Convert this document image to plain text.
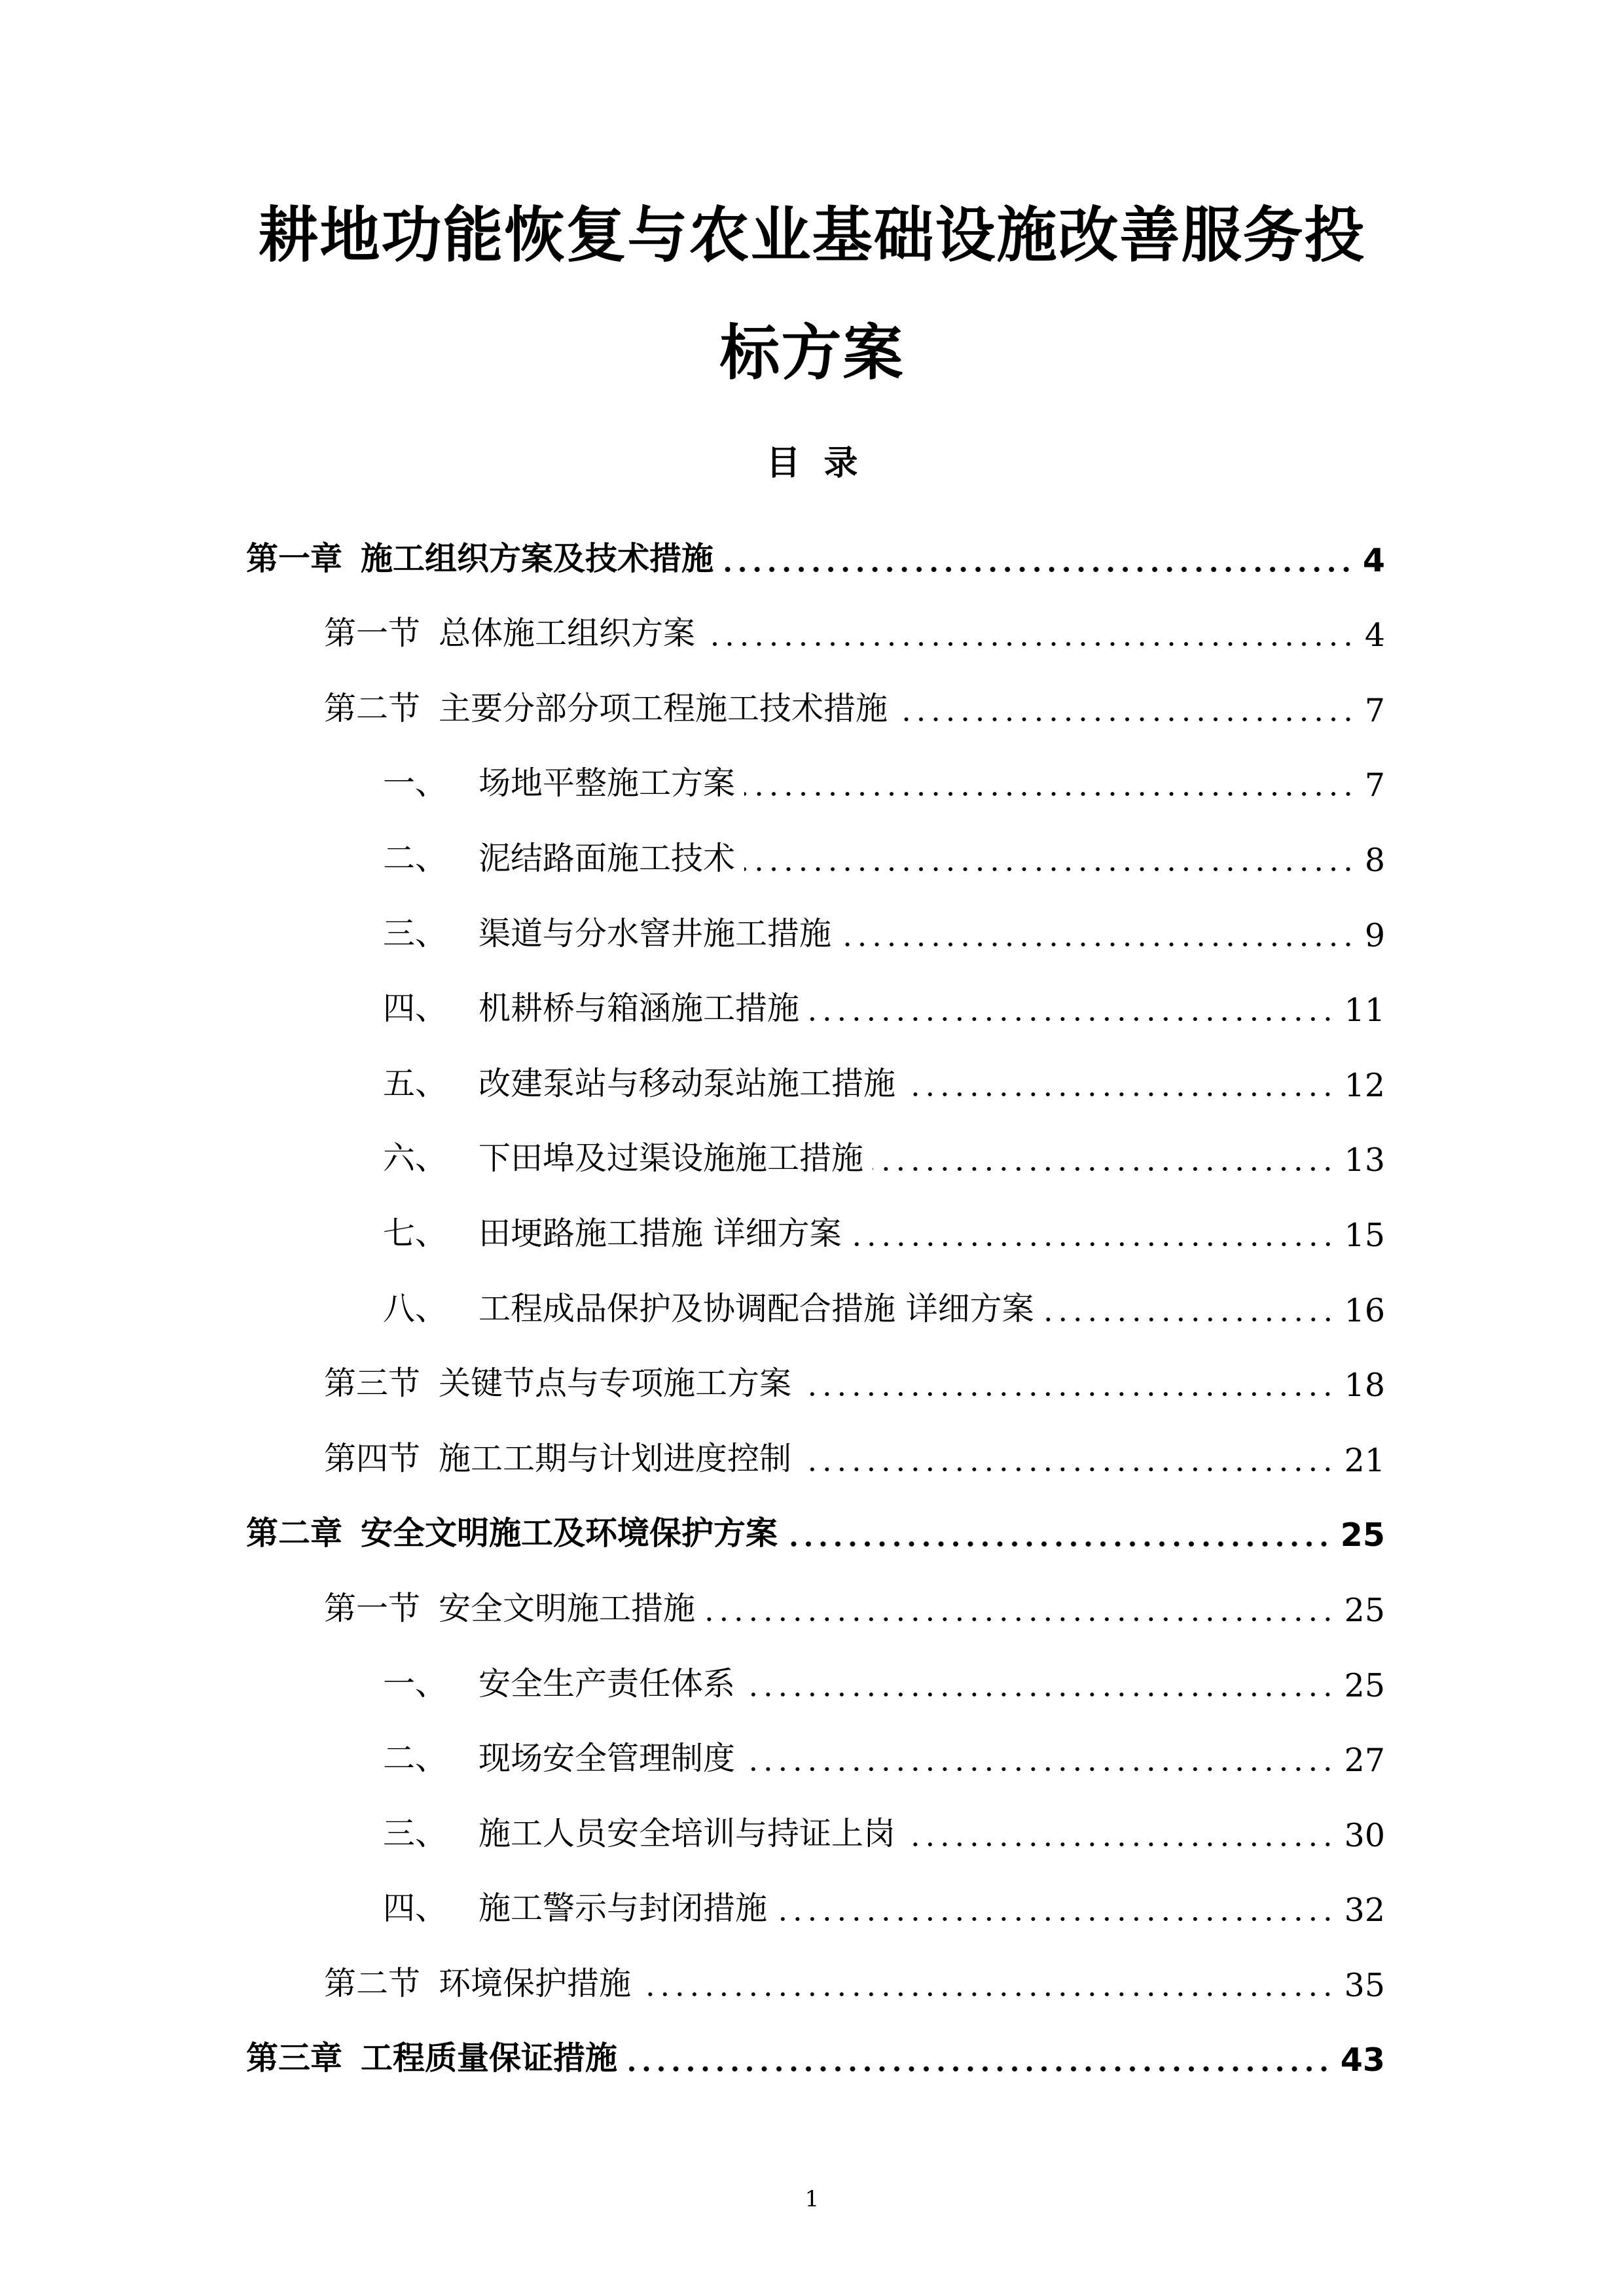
耕地功能恢复与农业基础设施改善服务投
标方案
目录
第一章 施工组织方案及技术措施	4
第一节 总体施工组织方案	4
第二节 主要分部分项工程施工技术措施	7
一、 场地平整施工方案	7
二、 泥结路面施工技术	8
三、 渠道与分水窨井施工措施	9
四、 机耕桥与箱涵施工措施	11
五、 改建泵站与移动泵站施工措施	12
六、 下田埠及过渠设施施工措施	13
七、 田埂路施工措施 详细方案	15
八、 工程成品保护及协调配合措施 详细方案	16
第三节 关键节点与专项施工方案	18
第四节 施工工期与计划进度控制	21
第二章 安全文明施工及环境保护方案	25
第一节 安全文明施工措施	25
一、 安全生产责任体系	25
二、 现场安全管理制度	27
三、 施工人员安全培训与持证上岗	30
四、 施工警示与封闭措施	32
第二节 环境保护措施	35
第三章 工程质量保证措施	43
1
